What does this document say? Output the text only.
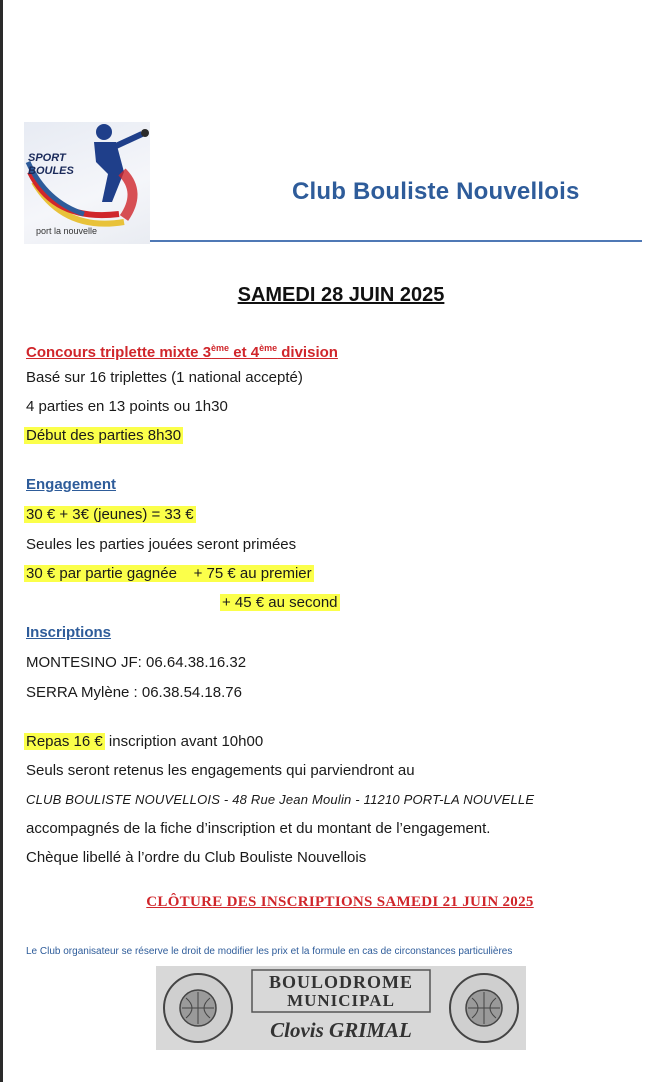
SPORT
BOULES
port la nouvelle
Club Bouliste Nouvellois
SAMEDI 28 JUIN 2025
Concours triplette mixte 3ème et 4ème division
Basé sur 16 triplettes (1 national accepté)
4 parties en 13 points ou 1h30
Début des parties 8h30
Engagement
30 € + 3€ (jeunes) = 33 €
Seules les parties jouées seront primées
30 € par partie gagnée    + 75 € au premier
+ 45 € au second
Inscriptions
MONTESINO JF: 06.64.38.16.32
SERRA Mylène : 06.38.54.18.76
Repas 16 € inscription avant 10h00
Seuls seront retenus les engagements qui parviendront au
CLUB BOULISTE NOUVELLOIS - 48 Rue Jean Moulin - 11210 PORT-LA NOUVELLE
accompagnés de la fiche d’inscription et du montant de l’engagement.
Chèque libellé à l’ordre du Club Bouliste Nouvellois
CLÔTURE DES INSCRIPTIONS SAMEDI 21 JUIN 2025
Le Club organisateur se réserve le droit de modifier les prix et la formule en cas de circonstances particulières
BOULODROME
MUNICIPAL
Clovis GRIMAL
